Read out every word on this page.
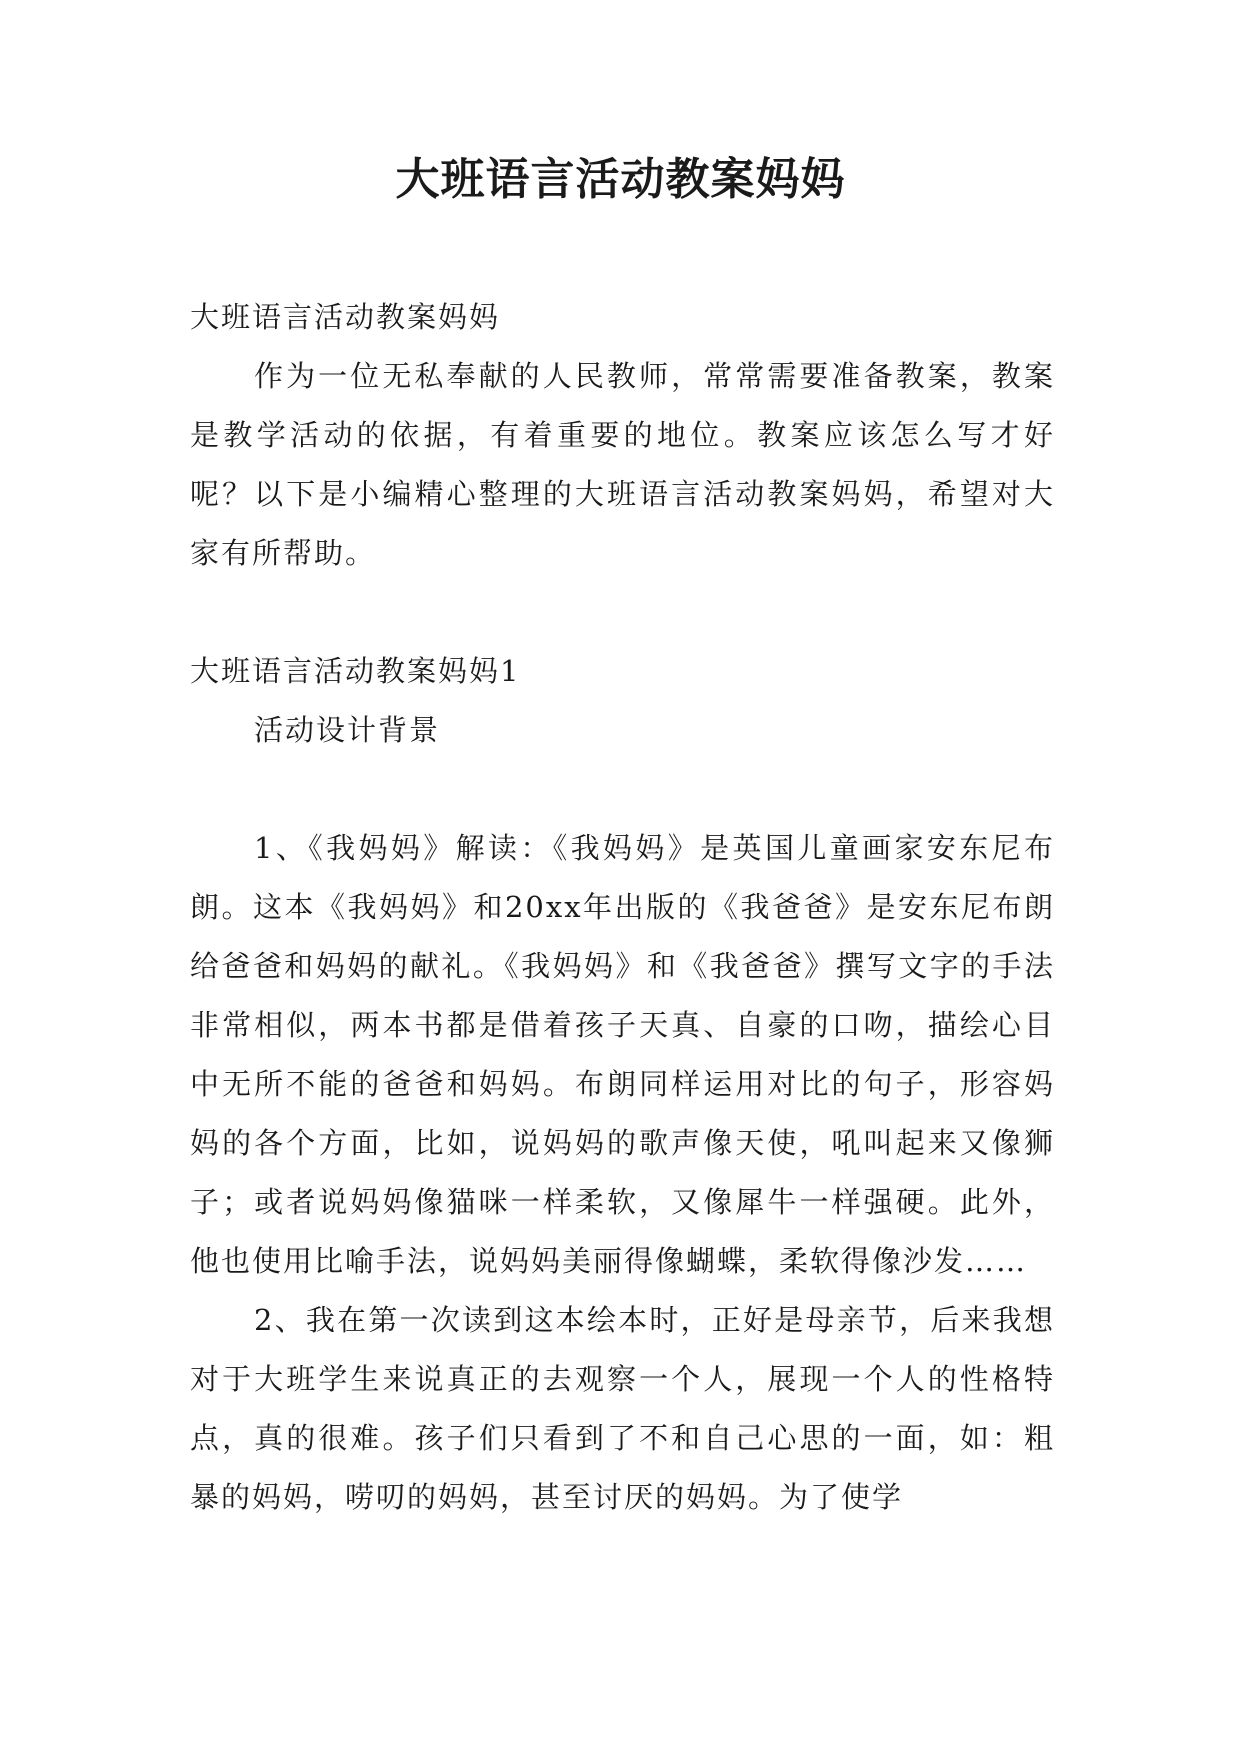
大班语言活动教案妈妈

大班语言活动教案妈妈

作为一位无私奉献的人民教师，常常需要准备教案，教案是教学活动的依据，有着重要的地位。教案应该怎么写才好呢？以下是小编精心整理的大班语言活动教案妈妈，希望对大家有所帮助。

大班语言活动教案妈妈1

活动设计背景

1、《我妈妈》解读：《我妈妈》是英国儿童画家安东尼布朗。这本《我妈妈》和20xx年出版的《我爸爸》是安东尼布朗给爸爸和妈妈的献礼。《我妈妈》和《我爸爸》撰写文字的手法非常相似，两本书都是借着孩子天真、自豪的口吻，描绘心目中无所不能的爸爸和妈妈。布朗同样运用对比的句子，形容妈妈的各个方面，比如，说妈妈的歌声像天使，吼叫起来又像狮子；或者说妈妈像猫咪一样柔软，又像犀牛一样强硬。此外，他也使用比喻手法，说妈妈美丽得像蝴蝶，柔软得像沙发……

2、我在第一次读到这本绘本时，正好是母亲节，后来我想对于大班学生来说真正的去观察一个人，展现一个人的性格特点，真的很难。孩子们只看到了不和自己心思的一面，如：粗暴的妈妈，唠叨的妈妈，甚至讨厌的妈妈。为了使学
